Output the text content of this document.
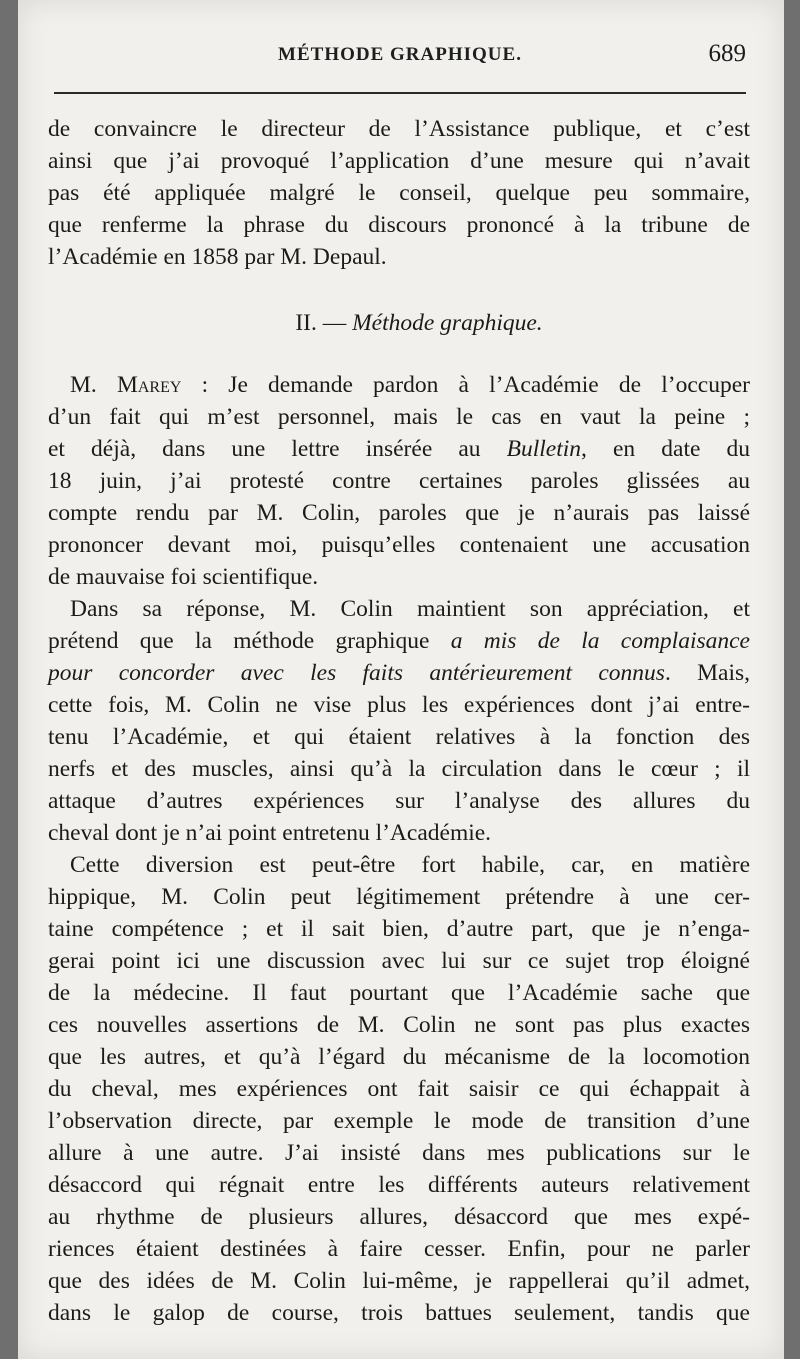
MÉTHODE GRAPHIQUE.	689
de convaincre le directeur de l’Assistance publique, et c’est
ainsi que j’ai provoqué l’application d’une mesure qui n’avait
pas été appliquée malgré le conseil, quelque peu sommaire,
que renferme la phrase du discours prononcé à la tribune de
l’Académie en 1858 par M. Depaul.
II. — Méthode graphique.
M. Marey : Je demande pardon à l’Académie de l’occuper
d’un fait qui m’est personnel, mais le cas en vaut la peine ;
et déjà, dans une lettre insérée au Bulletin, en date du
18 juin, j’ai protesté contre certaines paroles glissées au
compte rendu par M. Colin, paroles que je n’aurais pas laissé
prononcer devant moi, puisqu’elles contenaient une accusation
de mauvaise foi scientifique.
Dans sa réponse, M. Colin maintient son appréciation, et
prétend que la méthode graphique a mis de la complaisance
pour concorder avec les faits antérieurement connus. Mais,
cette fois, M. Colin ne vise plus les expériences dont j’ai entre-
tenu l’Académie, et qui étaient relatives à la fonction des
nerfs et des muscles, ainsi qu’à la circulation dans le cœur ; il
attaque d’autres expériences sur l’analyse des allures du
cheval dont je n’ai point entretenu l’Académie.
Cette diversion est peut-être fort habile, car, en matière
hippique, M. Colin peut légitimement prétendre à une cer-
taine compétence ; et il sait bien, d’autre part, que je n’enga-
gerai point ici une discussion avec lui sur ce sujet trop éloigné
de la médecine. Il faut pourtant que l’Académie sache que
ces nouvelles assertions de M. Colin ne sont pas plus exactes
que les autres, et qu’à l’égard du mécanisme de la locomotion
du cheval, mes expériences ont fait saisir ce qui échappait à
l’observation directe, par exemple le mode de transition d’une
allure à une autre. J’ai insisté dans mes publications sur le
désaccord qui régnait entre les différents auteurs relativement
au rhythme de plusieurs allures, désaccord que mes expé-
riences étaient destinées à faire cesser. Enfin, pour ne parler
que des idées de M. Colin lui-même, je rappellerai qu’il admet,
dans le galop de course, trois battues seulement, tandis que
